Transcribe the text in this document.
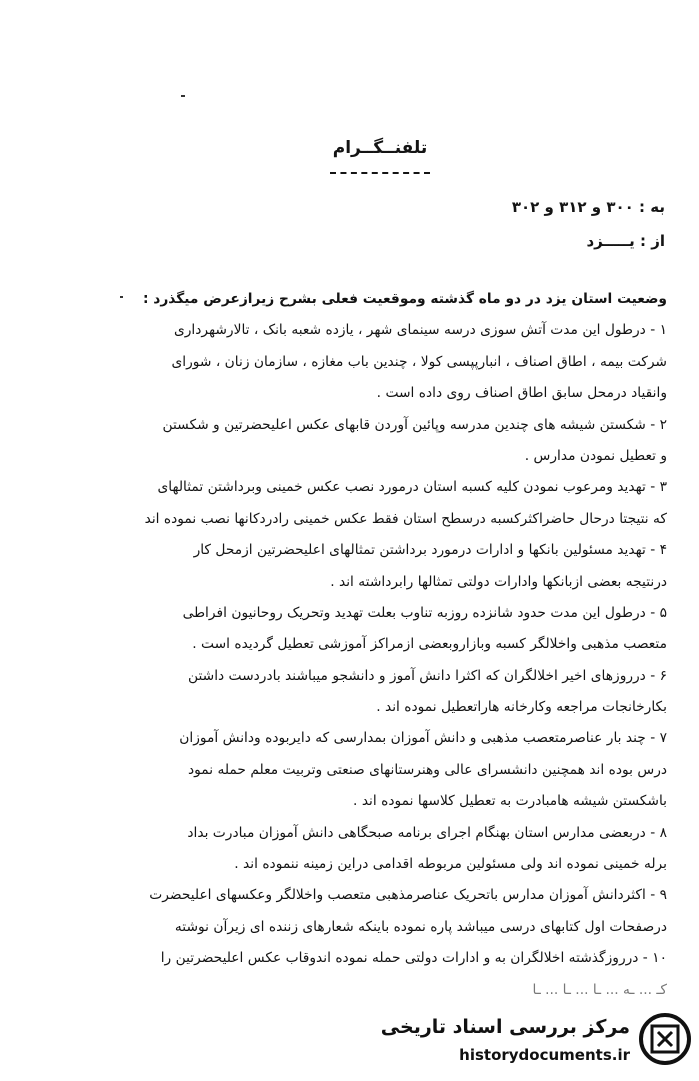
تلفنــگــرام
به : ۳۰۰ و ۳۱۲ و ۳۰۲
از : یـــــزد
وضعیت استان یزد در دو ماه گذشته وموقعیت فعلی بشرح زیرازعرض میگذرد :
۱ - درطول این مدت آتش سوزی درسه سینمای شهر ، یازده شعبه بانک ، تالارشهرداری
شرکت بیمه ، اطاق اصناف ، انبارپپسی کولا ، چندین باب مغازه ، سازمان زنان ، شورای
وانقیاد درمحل سابق اطاق اصناف روی داده است .
۲ - شکستن شیشه های چندین مدرسه وپائین آوردن قابهای عکس اعلیحضرتین و شکستن
و تعطیل نمودن مدارس .
۳ - تهدید ومرعوب نمودن کلیه کسبه استان درمورد نصب عکس خمینی وبرداشتن تمثالهای
که نتیجتا درحال حاضراکثرکسبه درسطح استان فقط عکس خمینی رادردکانها نصب نموده اند
۴ - تهدید مسئولین بانکها و ادارات درمورد برداشتن تمثالهای اعلیحضرتین ازمحل کار
درنتیجه بعضی ازبانکها وادارات دولتی تمثالها رابرداشته اند .
۵ - درطول این مدت حدود شانزده روزبه تناوب بعلت تهدید وتحریک روحانیون افراطی
متعصب مذهبی واخلالگر کسبه وبازاروبعضی ازمراکز آموزشی تعطیل گردیده است .
۶ - درروزهای اخیر اخلالگران که اکثرا دانش آموز و دانشجو میباشند بادردست داشتن
بکارخانجات مراجعه وکارخانه هاراتعطیل نموده اند .
۷ - چند بار عناصرمتعصب مذهبی و دانش آموزان بمدارسی که دایربوده ودانش آموزان
درس بوده اند همچنین دانشسرای عالی وهنرستانهای صنعتی وتربیت معلم حمله نمود
باشکستن شیشه هامبادرت به تعطیل کلاسها نموده اند .
۸ - دربعضی مدارس استان بهنگام اجرای برنامه صبحگاهی دانش آموزان مبادرت بداد
برله خمینی نموده اند ولی مسئولین مربوطه اقدامی دراین زمینه ننموده اند .
۹ - اکثردانش آموزان مدارس باتحریک عناصرمذهبی متعصب واخلالگر وعکسهای اعلیحضرت
درصفحات اول کتابهای درسی میباشد پاره نموده باینکه شعارهای زننده ای زیرآن نوشته
۱۰ - درروزگذشته اخلالگران به و ادارات دولتی حمله نموده اندوقاب عکس اعلیحضرتین را
کـ ... ـه ... ـا ... ـا ... ـا
مرکز بررسی اسناد تاریخی
historydocuments.ir
